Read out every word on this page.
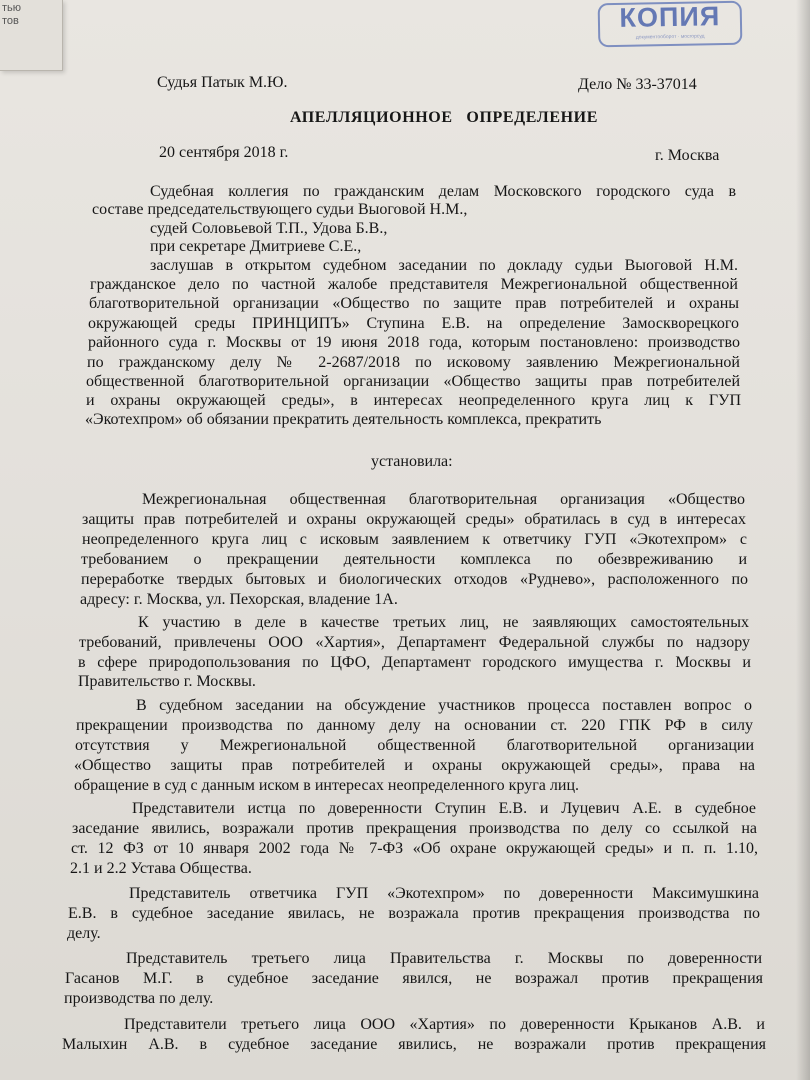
тью
тов	КОПИЯ
документооборот · мосгорсуд
Судья Патык М.Ю.	Дело № 33-37014
АПЕЛЛЯЦИОННОЕ   ОПРЕДЕЛЕНИЕ
20 сентября 2018 г.	г. Москва
Судебная коллегия по гражданским делам Московского городского суда в
составе председательствующего судьи Выоговой Н.М.,
судей Соловьевой Т.П., Удова Б.В.,
при секретаре Дмитриеве С.Е.,
заслушав в открытом судебном заседании по докладу судьи Выоговой Н.М.
гражданское дело по частной жалобе представителя Межрегиональной общественной
благотворительной организации «Общество по защите прав потребителей и охраны
окружающей среды ПРИНЦИПЪ» Ступина Е.В. на определение Замоскворецкого
районного суда г. Москвы от 19 июня 2018 года, которым постановлено: производство
по гражданскому делу № 2-2687/2018 по исковому заявлению Межрегиональной
общественной благотворительной организации «Общество защиты прав потребителей
и охраны окружающей среды», в интересах неопределенного круга лиц к ГУП
«Экотехпром» об обязании прекратить деятельность комплекса, прекратить
установила:
Межрегиональная общественная благотворительная организация «Общество
защиты прав потребителей и охраны окружающей среды» обратилась в суд в интересах
неопределенного круга лиц с исковым заявлением к ответчику ГУП «Экотехпром» с
требованием о прекращении деятельности комплекса по обезвреживанию и
переработке твердых бытовых и биологических отходов «Руднево», расположенного по
адресу: г. Москва, ул. Пехорская, владение 1А.
К участию в деле в качестве третьих лиц, не заявляющих самостоятельных
требований, привлечены ООО «Хартия», Департамент Федеральной службы по надзору
в сфере природопользования по ЦФО, Департамент городского имущества г. Москвы и
Правительство г. Москвы.
В судебном заседании на обсуждение участников процесса поставлен вопрос о
прекращении производства по данному делу на основании ст. 220 ГПК РФ в силу
отсутствия у Межрегиональной общественной благотворительной организации
«Общество защиты прав потребителей и охраны окружающей среды», права на
обращение в суд с данным иском в интересах неопределенного круга лиц.
Представители истца по доверенности Ступин Е.В. и Луцевич А.Е. в судебное
заседание явились, возражали против прекращения производства по делу со ссылкой на
ст. 12 ФЗ от 10 января 2002 года № 7-ФЗ «Об охране окружающей среды» и п. п. 1.10,
2.1 и 2.2 Устава Общества.
Представитель ответчика ГУП «Экотехпром» по доверенности Максимушкина
Е.В. в судебное заседание явилась, не возражала против прекращения производства по
делу.
Представитель третьего лица Правительства г. Москвы по доверенности
Гасанов М.Г. в судебное заседание явился, не возражал против прекращения
производства по делу.
Представители третьего лица ООО «Хартия» по доверенности Крыканов А.В. и
Малыхин А.В. в судебное заседание явились, не возражали против прекращения
